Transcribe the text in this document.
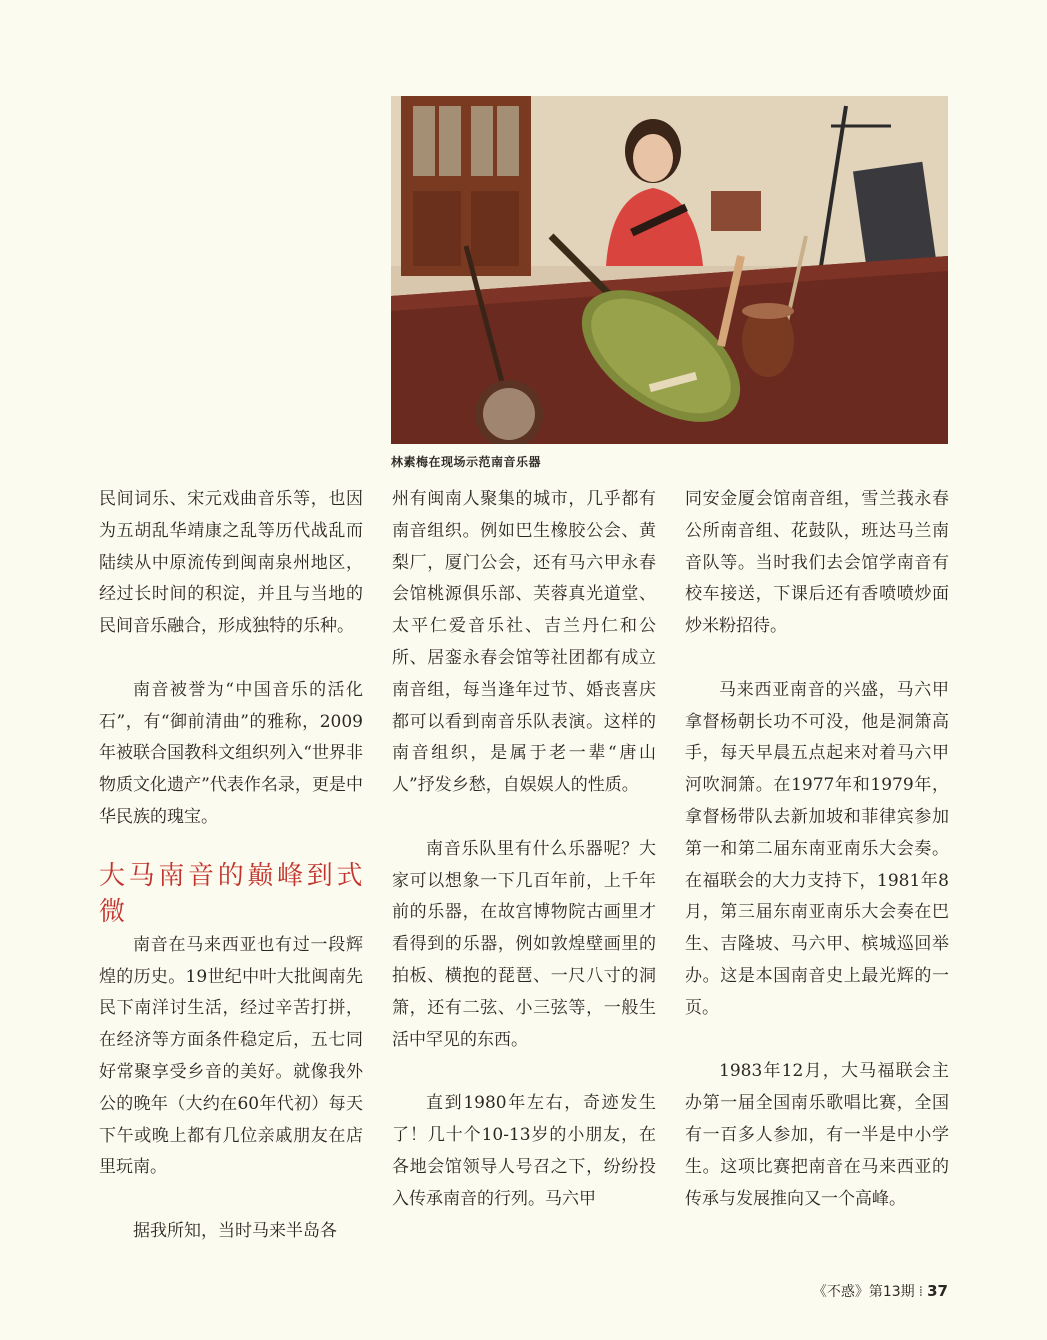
林素梅在现场示范南音乐器

民间词乐、宋元戏曲音乐等，也因为五胡乱华靖康之乱等历代战乱而陆续从中原流传到闽南泉州地区，经过长时间的积淀，并且与当地的民间音乐融合，形成独特的乐种。

南音被誉为“中国音乐的活化石”，有“御前清曲”的雅称，2009年被联合国教科文组织列入“世界非物质文化遗产”代表作名录，更是中华民族的瑰宝。

大马南音的巅峰到式微

南音在马来西亚也有过一段辉煌的历史。19世纪中叶大批闽南先民下南洋讨生活，经过辛苦打拼，在经济等方面条件稳定后，五七同好常聚享受乡音的美好。就像我外公的晚年（大约在60年代初）每天下午或晚上都有几位亲戚朋友在店里玩南。

据我所知，当时马来半岛各

州有闽南人聚集的城市，几乎都有南音组织。例如巴生橡胶公会、黄梨厂，厦门公会，还有马六甲永春会馆桃源俱乐部、芙蓉真光道堂、太平仁爱音乐社、吉兰丹仁和公所、居銮永春会馆等社团都有成立南音组，每当逢年过节、婚丧喜庆都可以看到南音乐队表演。这样的南音组织，是属于老一辈“唐山人”抒发乡愁，自娱娱人的性质。

南音乐队里有什么乐器呢？大家可以想象一下几百年前，上千年前的乐器，在故宫博物院古画里才看得到的乐器，例如敦煌壁画里的拍板、横抱的琵琶、一尺八寸的洞箫，还有二弦、小三弦等，一般生活中罕见的东西。

直到1980年左右，奇迹发生了！几十个10-13岁的小朋友，在各地会馆领导人号召之下，纷纷投入传承南音的行列。马六甲

同安金厦会馆南音组，雪兰莪永春公所南音组、花鼓队，班达马兰南音队等。当时我们去会馆学南音有校车接送，下课后还有香喷喷炒面炒米粉招待。

马来西亚南音的兴盛，马六甲拿督杨朝长功不可没，他是洞箫高手，每天早晨五点起来对着马六甲河吹洞箫。在1977年和1979年，拿督杨带队去新加坡和菲律宾参加第一和第二届东南亚南乐大会奏。在福联会的大力支持下，1981年8月，第三届东南亚南乐大会奏在巴生、吉隆坡、马六甲、槟城巡回举办。这是本国南音史上最光辉的一页。

1983年12月，大马福联会主办第一届全国南乐歌唱比赛，全国有一百多人参加，有一半是中小学生。这项比赛把南音在马来西亚的传承与发展推向又一个高峰。

《不惑》第13期 ⁞ 37
